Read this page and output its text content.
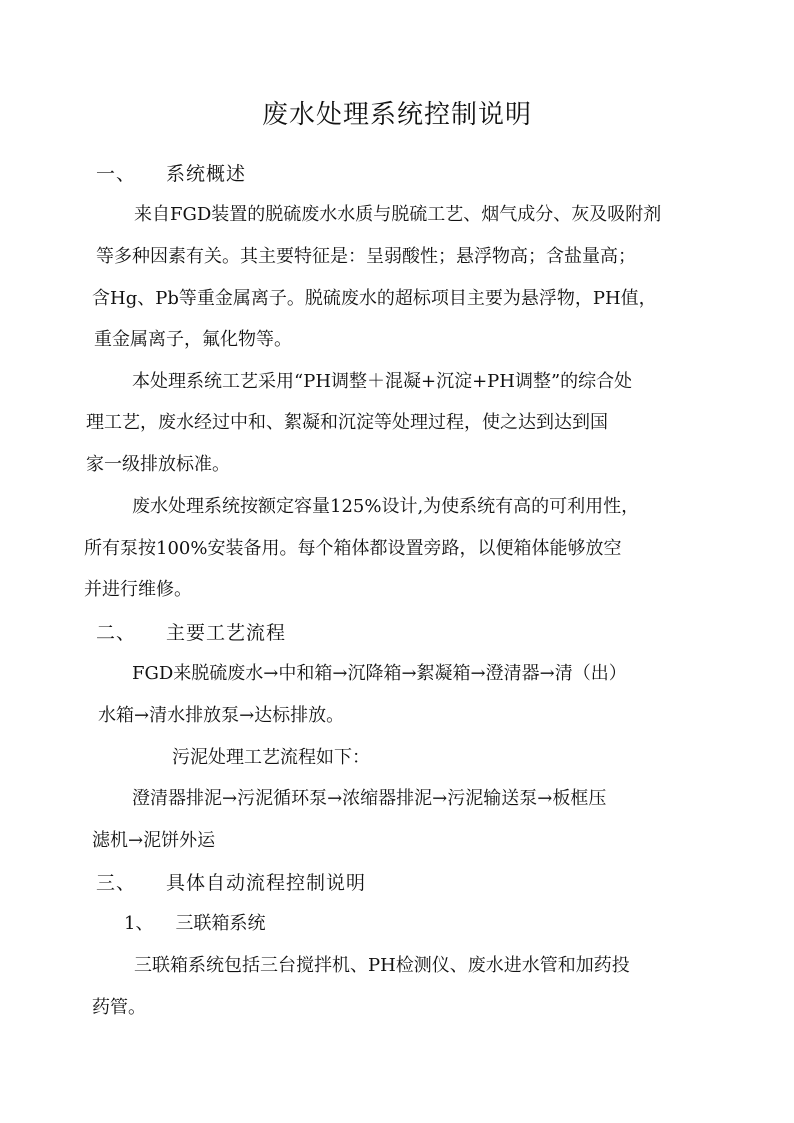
废水处理系统控制说明
一、 系统概述
来自FGD装置的脱硫废水水质与脱硫工艺、烟气成分、灰及吸附剂
等多种因素有关。其主要特征是：呈弱酸性；悬浮物高；含盐量高；
含Hg、Pb等重金属离子。脱硫废水的超标项目主要为悬浮物，PH值，
重金属离子，氟化物等。
本处理系统工艺采用“PH调整＋混凝+沉淀+PH调整”的综合处
理工艺，废水经过中和、絮凝和沉淀等处理过程，使之达到达到国
家一级排放标准。
废水处理系统按额定容量125%设计,为使系统有高的可利用性，
所有泵按100%安装备用。每个箱体都设置旁路，以便箱体能够放空
并进行维修。
二、 主要工艺流程
FGD来脱硫废水→中和箱→沉降箱→絮凝箱→澄清器→清（出）
水箱→清水排放泵→达标排放。
污泥处理工艺流程如下：
澄清器排泥→污泥循环泵→浓缩器排泥→污泥输送泵→板框压
滤机→泥饼外运
三、 具体自动流程控制说明
1、 三联箱系统
三联箱系统包括三台搅拌机、PH检测仪、废水进水管和加药投
药管。
